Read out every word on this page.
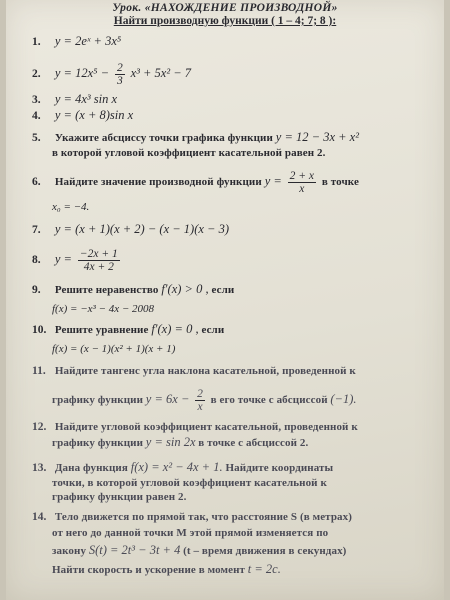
Урок. «НАХОЖДЕНИЕ ПРОИЗВОДНОЙ»
Найти производную функции ( 1 – 4; 7; 8 ):
1. y = 2eˣ + 3x⁵
2. $y = 12x^5 - \frac{2}{3} x^3 + 5x^2 - 7$
3. y = 4x³ sin x
4. y = (x + 8)sin x
5. Укажите абсциссу точки графика функции y = 12 − 3x + x²
в которой угловой коэффициент касательной равен 2.
6. Найдите значение производной функции $y = \frac{2 + x}{x}$ в точке
x₀ = −4.
7. y = (x + 1)(x + 2) − (x − 1)(x − 3)
8. $y = \frac{-2x + 1}{4x + 2}$
9. Решите неравенство f′(x) > 0 , если
f(x) = −x³ − 4x − 2008
10. Решите уравнение f′(x) = 0 , если
f(x) = (x − 1)(x² + 1)(x + 1)
11. Найдите тангенс угла наклона касательной, проведенной к
графику функции $y = 6x - \frac{2}{x}$ в его точке с абсциссой (−1).
12. Найдите угловой коэффициент касательной, проведенной к
графику функции y = sin 2x в точке с абсциссой 2.
13. Дана функция f(x) = x² − 4x + 1. Найдите координаты
точки, в которой угловой коэффициент касательной к
графику функции равен 2.
14. Тело движется по прямой так, что расстояние S (в метрах)
от него до данной точки М этой прямой изменяется по
закону S(t) = 2t³ − 3t + 4 (t – время движения в секундах)
Найти скорость и ускорение в момент t = 2c.
